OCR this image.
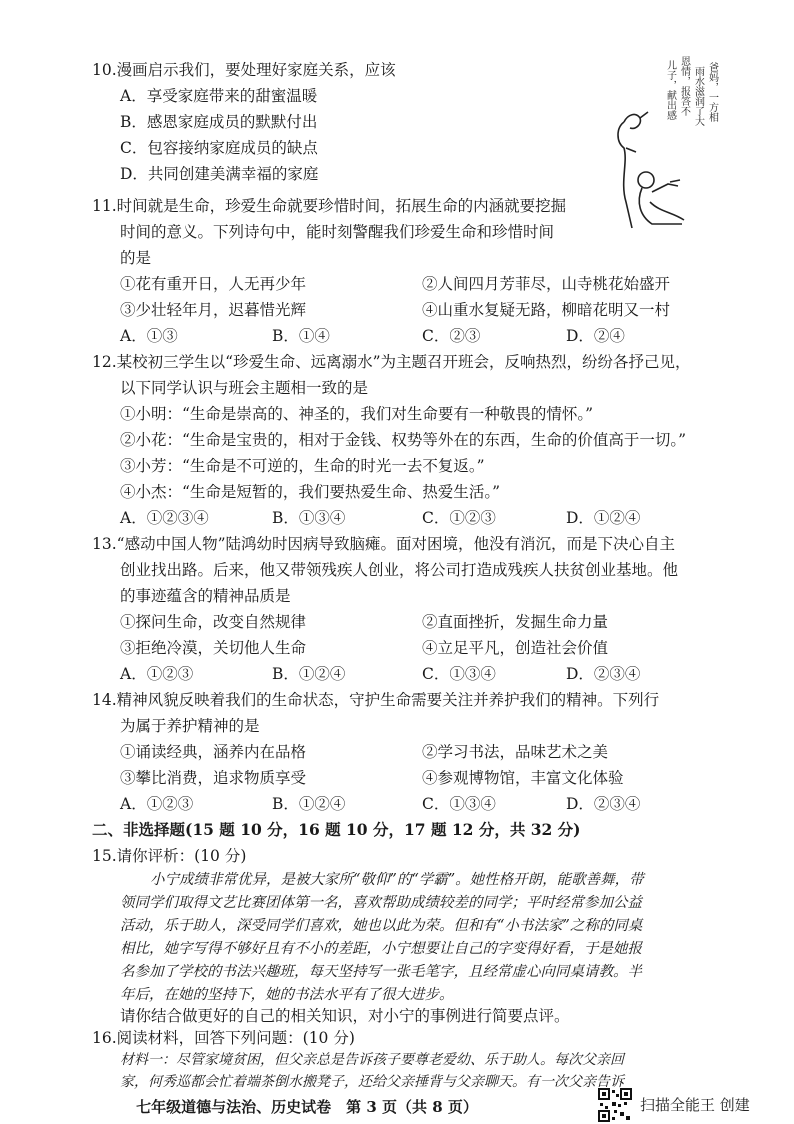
10.漫画启示我们，要处理好家庭关系，应该
A．享受家庭带来的甜蜜温暖
B．感恩家庭成员的默默付出
C．包容接纳家庭成员的缺点
D．共同创建美满幸福的家庭
爸妈，一方相
雨水滋润了大
恩情，报答不
儿子，献出感
11.时间就是生命，珍爱生命就要珍惜时间，拓展生命的内涵就要挖掘
时间的意义。下列诗句中，能时刻警醒我们珍爱生命和珍惜时间
的是
①花有重开日，人无再少年	②人间四月芳菲尽，山寺桃花始盛开
③少壮轻年月，迟暮惜光辉	④山重水复疑无路，柳暗花明又一村
A．①③	B．①④	C．②③	D．②④
12.某校初三学生以“珍爱生命、远离溺水”为主题召开班会，反响热烈，纷纷各抒己见，
以下同学认识与班会主题相一致的是
①小明：“生命是崇高的、神圣的，我们对生命要有一种敬畏的情怀。”
②小花：“生命是宝贵的，相对于金钱、权势等外在的东西，生命的价值高于一切。”
③小芳：“生命是不可逆的，生命的时光一去不复返。”
④小杰：“生命是短暂的，我们要热爱生命、热爱生活。”
A．①②③④	B．①③④	C．①②③	D．①②④
13.“感动中国人物”陆鸿幼时因病导致脑瘫。面对困境，他没有消沉，而是下决心自主
创业找出路。后来，他又带领残疾人创业，将公司打造成残疾人扶贫创业基地。他
的事迹蕴含的精神品质是
①探问生命，改变自然规律	②直面挫折，发掘生命力量
③拒绝冷漠，关切他人生命	④立足平凡，创造社会价值
A．①②③	B．①②④	C．①③④	D．②③④
14.精神风貌反映着我们的生命状态，守护生命需要关注并养护我们的精神。下列行
为属于养护精神的是
①诵读经典，涵养内在品格	②学习书法，品味艺术之美
③攀比消费，追求物质享受	④参观博物馆，丰富文化体验
A．①②③	B．①②④	C．①③④	D．②③④
二、非选择题(15 题 10 分，16 题 10 分，17 题 12 分，共 32 分)
15.请你评析：(10 分)
小宁成绩非常优异，是被大家所“敬仰”的“学霸”。她性格开朗，能歌善舞，带
领同学们取得文艺比赛团体第一名，喜欢帮助成绩较差的同学；平时经常参加公益
活动，乐于助人，深受同学们喜欢，她也以此为荣。但和有“小书法家”之称的同桌
相比，她字写得不够好且有不小的差距，小宁想要让自己的字变得好看，于是她报
名参加了学校的书法兴趣班，每天坚持写一张毛笔字，且经常虚心向同桌请教。半
年后，在她的坚持下，她的书法水平有了很大进步。
七年级道德与法治、历史试卷　第 3 页（共 8 页）	扫描全能王 创建
请你结合做更好的自己的相关知识，对小宁的事例进行简要点评。
16.阅读材料，回答下列问题：(10 分)
材料一：尽管家境贫困，但父亲总是告诉孩子要尊老爱幼、乐于助人。每次父亲回
家，何秀巡都会忙着端茶倒水搬凳子，还给父亲捶背与父亲聊天。有一次父亲告诉
